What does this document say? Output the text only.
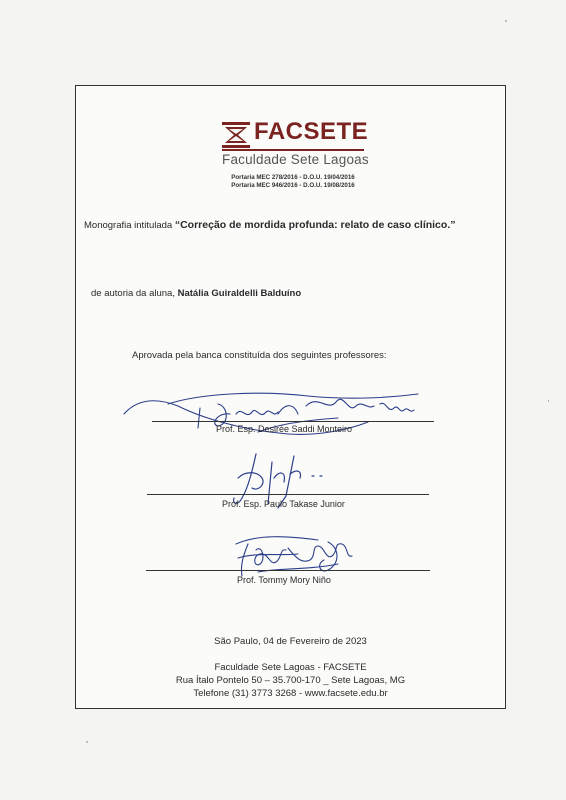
FACSETE
Faculdade Sete Lagoas
Portaria MEC 278/2016 - D.O.U. 19/04/2016
Portaria MEC 946/2016 - D.O.U. 19/08/2016
Monografia intitulada “Correção de mordida profunda: relato de caso clínico.”
de autoria da aluna, Natália Guiraldelli Balduíno
Aprovada pela banca constituída dos seguintes professores:
Prof. Esp. Desirée Saddi Monteiro
Prof. Esp. Paulo Takase Junior
Prof. Tommy Mory Niño
São Paulo, 04 de Fevereiro de 2023
Faculdade Sete Lagoas - FACSETE
Rua Ítalo Pontelo 50 – 35.700-170 _ Sete Lagoas, MG
Telefone (31) 3773 3268 - www.facsete.edu.br
